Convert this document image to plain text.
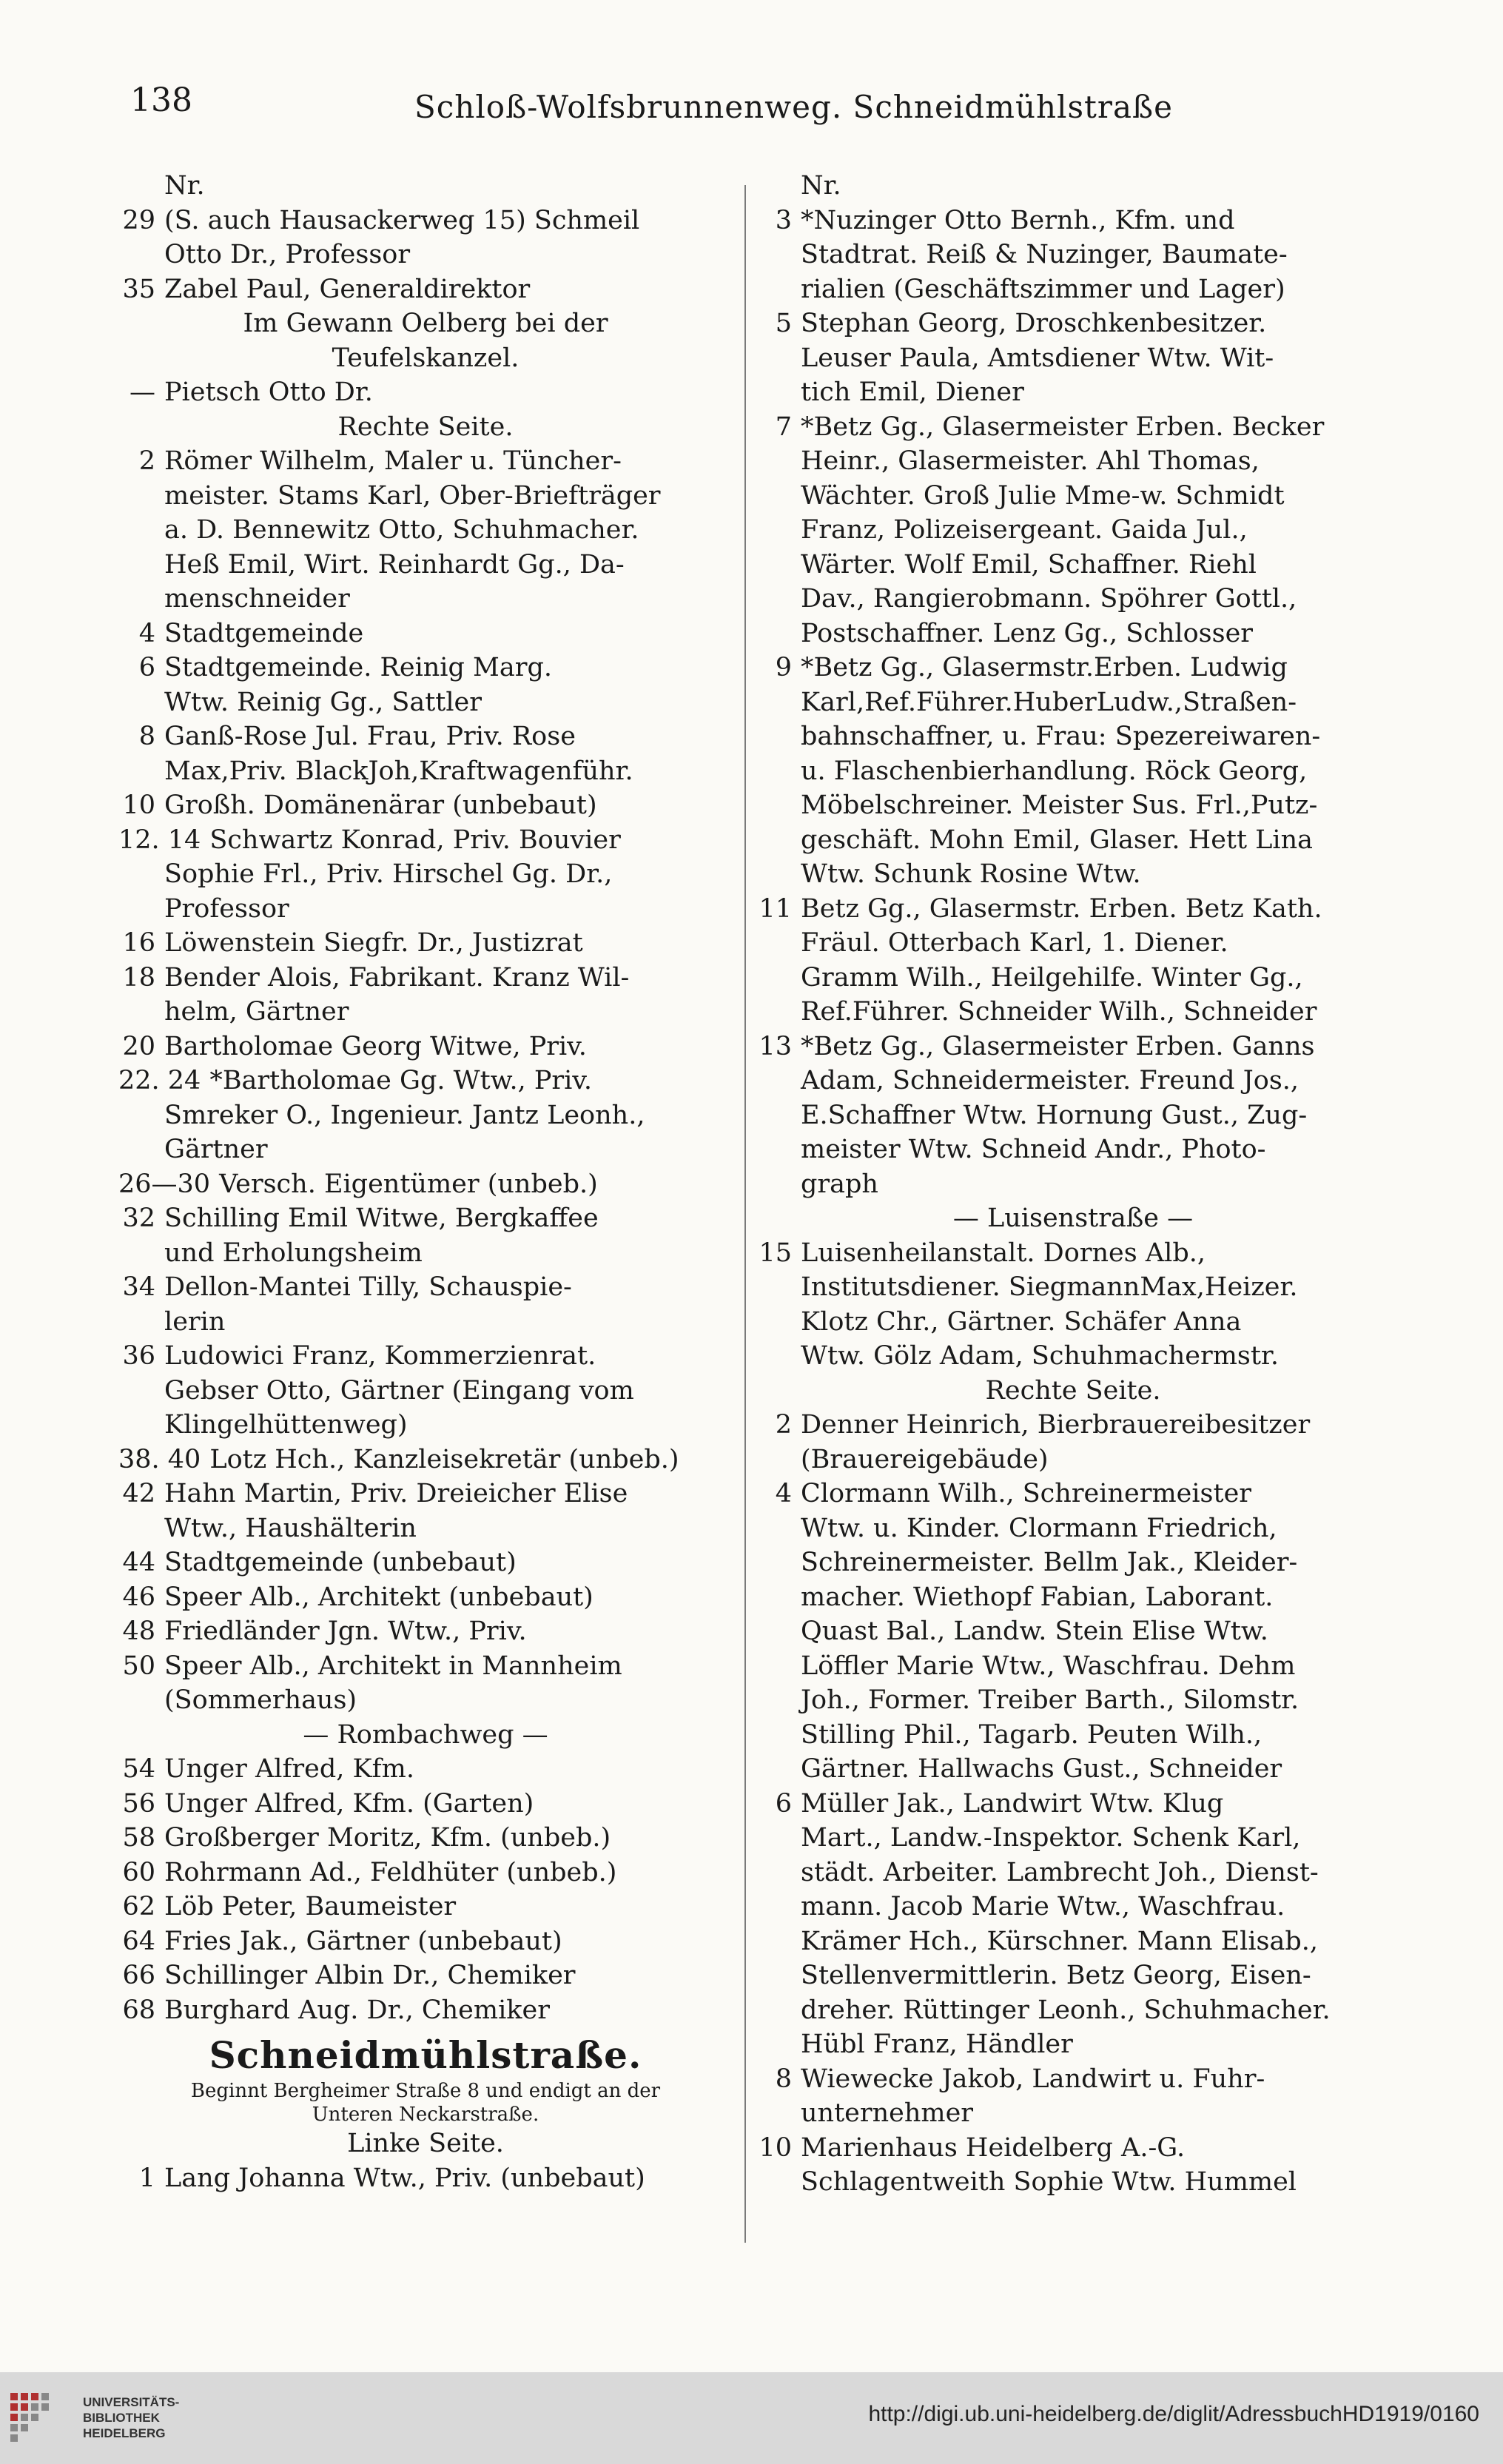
138	Schloß-Wolfsbrunnenweg. Schneidmühlstraße
Nr.
29 (S. auch Hausackerweg 15) Schmeil
Otto Dr., Professor
35 Zabel Paul, Generaldirektor
Im Gewann Oelberg bei der
Teufelskanzel.
— Pietsch Otto Dr.
Rechte Seite.
2 Römer Wilhelm, Maler u. Tüncher-
meister. Stams Karl, Ober-Briefträger
a. D. Bennewitz Otto, Schuhmacher.
Heß Emil, Wirt. Reinhardt Gg., Da-
menschneider
4 Stadtgemeinde
6 Stadtgemeinde. Reinig Marg.
Wtw. Reinig Gg., Sattler
8 Ganß-Rose Jul. Frau, Priv. Rose
Max,Priv. BlackJoh,Kraftwagenführ.
10 Großh. Domänenärar (unbebaut)
12. 14 Schwartz Konrad, Priv. Bouvier
Sophie Frl., Priv. Hirschel Gg. Dr.,
Professor
16 Löwenstein Siegfr. Dr., Justizrat
18 Bender Alois, Fabrikant. Kranz Wil-
helm, Gärtner
20 Bartholomae Georg Witwe, Priv.
22. 24 *Bartholomae Gg. Wtw., Priv.
Smreker O., Ingenieur. Jantz Leonh.,
Gärtner
26—30 Versch. Eigentümer (unbeb.)
32 Schilling Emil Witwe, Bergkaffee
und Erholungsheim
34 Dellon-Mantei Tilly, Schauspie-
lerin
36 Ludowici Franz, Kommerzienrat.
Gebser Otto, Gärtner (Eingang vom
Klingelhüttenweg)
38. 40 Lotz Hch., Kanzleisekretär (unbeb.)
42 Hahn Martin, Priv. Dreieicher Elise
Wtw., Haushälterin
44 Stadtgemeinde (unbebaut)
46 Speer Alb., Architekt (unbebaut)
48 Friedländer Jgn. Wtw., Priv.
50 Speer Alb., Architekt in Mannheim
(Sommerhaus)
— Rombachweg —
54 Unger Alfred, Kfm.
56 Unger Alfred, Kfm. (Garten)
58 Großberger Moritz, Kfm. (unbeb.)
60 Rohrmann Ad., Feldhüter (unbeb.)
62 Löb Peter, Baumeister
64 Fries Jak., Gärtner (unbebaut)
66 Schillinger Albin Dr., Chemiker
68 Burghard Aug. Dr., Chemiker
Schneidmühlstraße.
Beginnt Bergheimer Straße 8 und endigt an der
Unteren Neckarstraße.
Linke Seite.
1 Lang Johanna Wtw., Priv. (unbebaut)
Nr.
3 *Nuzinger Otto Bernh., Kfm. und
Stadtrat. Reiß & Nuzinger, Baumate-
rialien (Geschäftszimmer und Lager)
5 Stephan Georg, Droschkenbesitzer.
Leuser Paula, Amtsdiener Wtw. Wit-
tich Emil, Diener
7 *Betz Gg., Glasermeister Erben. Becker
Heinr., Glasermeister. Ahl Thomas,
Wächter. Groß Julie Mme-w. Schmidt
Franz, Polizeisergeant. Gaida Jul.,
Wärter. Wolf Emil, Schaffner. Riehl
Dav., Rangierobmann. Spöhrer Gottl.,
Postschaffner. Lenz Gg., Schlosser
9 *Betz Gg., Glasermstr.Erben. Ludwig
Karl,Ref.Führer.HuberLudw.,Straßen-
bahnschaffner, u. Frau: Spezereiwaren-
u. Flaschenbierhandlung. Röck Georg,
Möbelschreiner. Meister Sus. Frl.,Putz-
geschäft. Mohn Emil, Glaser. Hett Lina
Wtw. Schunk Rosine Wtw.
11 Betz Gg., Glasermstr. Erben. Betz Kath.
Fräul. Otterbach Karl, 1. Diener.
Gramm Wilh., Heilgehilfe. Winter Gg.,
Ref.Führer. Schneider Wilh., Schneider
13 *Betz Gg., Glasermeister Erben. Ganns
Adam, Schneidermeister. Freund Jos.,
E.Schaffner Wtw. Hornung Gust., Zug-
meister Wtw. Schneid Andr., Photo-
graph
— Luisenstraße —
15 Luisenheilanstalt. Dornes Alb.,
Institutsdiener. SiegmannMax,Heizer.
Klotz Chr., Gärtner. Schäfer Anna
Wtw. Gölz Adam, Schuhmachermstr.
Rechte Seite.
2 Denner Heinrich, Bierbrauereibesitzer
(Brauereigebäude)
4 Clormann Wilh., Schreinermeister
Wtw. u. Kinder. Clormann Friedrich,
Schreinermeister. Bellm Jak., Kleider-
macher. Wiethopf Fabian, Laborant.
Quast Bal., Landw. Stein Elise Wtw.
Löffler Marie Wtw., Waschfrau. Dehm
Joh., Former. Treiber Barth., Silomstr.
Stilling Phil., Tagarb. Peuten Wilh.,
Gärtner. Hallwachs Gust., Schneider
6 Müller Jak., Landwirt Wtw. Klug
Mart., Landw.-Inspektor. Schenk Karl,
städt. Arbeiter. Lambrecht Joh., Dienst-
mann. Jacob Marie Wtw., Waschfrau.
Krämer Hch., Kürschner. Mann Elisab.,
Stellenvermittlerin. Betz Georg, Eisen-
dreher. Rüttinger Leonh., Schuhmacher.
Hübl Franz, Händler
8 Wiewecke Jakob, Landwirt u. Fuhr-
unternehmer
10 Marienhaus Heidelberg A.-G.
Schlagentweith Sophie Wtw. Hummel
UNIVERSITÄTS-
BIBLIOTHEK
HEIDELBERG
http://digi.ub.uni-heidelberg.de/diglit/AdressbuchHD1919/0160
